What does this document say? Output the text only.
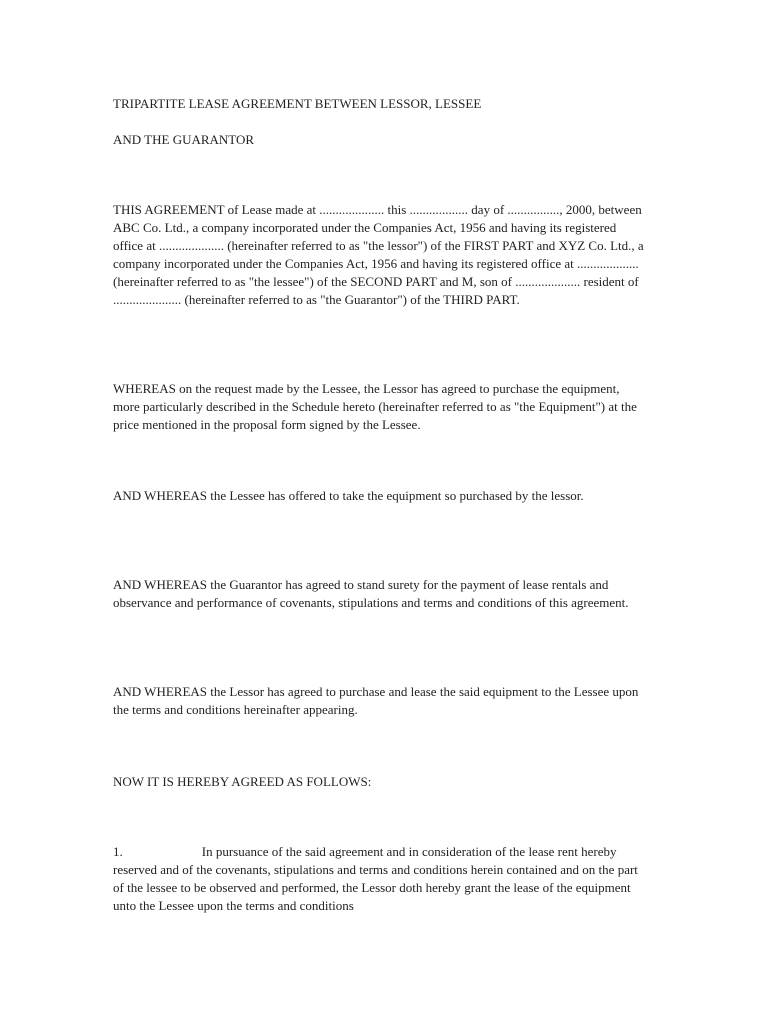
TRIPARTITE LEASE AGREEMENT BETWEEN LESSOR, LESSEE

AND THE GUARANTOR

THIS AGREEMENT of Lease made at .................... this .................. day of ................, 2000, between ABC Co. Ltd., a company incorporated under the Companies Act, 1956 and having its registered office at .................... (hereinafter referred to as "the lessor") of the FIRST PART and XYZ Co. Ltd., a company incorporated under the Companies Act, 1956 and having its registered office at ................... (hereinafter referred to as "the lessee") of the SECOND PART and M, son of .................... resident of ..................... (hereinafter referred to as "the Guarantor") of the THIRD PART.

WHEREAS on the request made by the Lessee, the Lessor has agreed to purchase the equipment, more particularly described in the Schedule hereto (hereinafter referred to as "the Equipment") at the price mentioned in the proposal form signed by the Lessee.

AND WHEREAS the Lessee has offered to take the equipment so purchased by the lessor.

AND WHEREAS the Guarantor has agreed to stand surety for the payment of lease rentals and observance and performance of covenants, stipulations and terms and conditions of this agreement.

AND WHEREAS the Lessor has agreed to purchase and lease the said equipment to the Lessee upon the terms and conditions hereinafter appearing.

NOW IT IS HEREBY AGREED AS FOLLOWS:

1.	In pursuance of the said agreement and in consideration of the lease rent hereby reserved and of the covenants, stipulations and terms and conditions herein contained and on the part of the lessee to be observed and performed, the Lessor doth hereby grant the lease of the equipment unto the Lessee upon the terms and conditions
